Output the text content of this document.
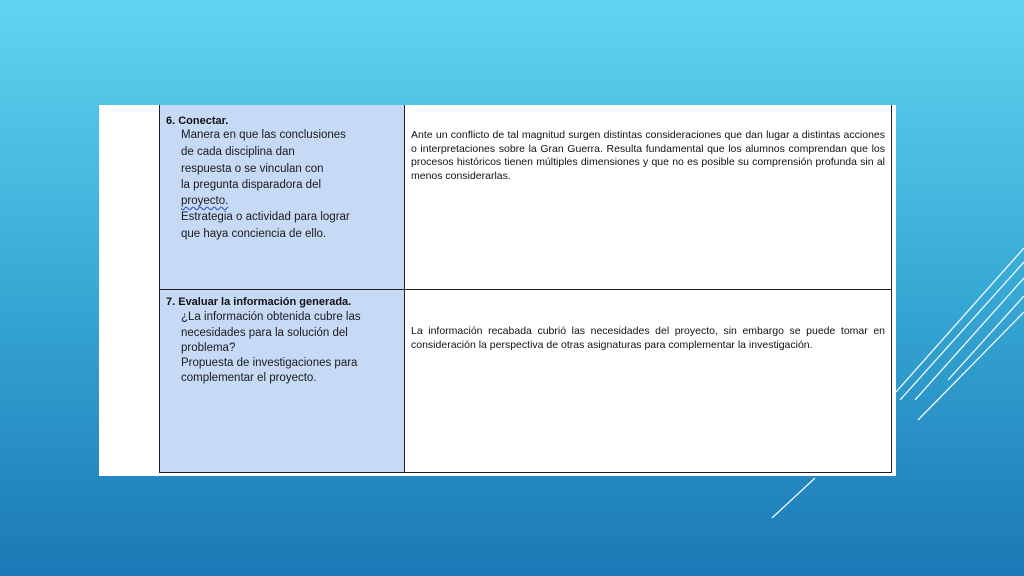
6. Conectar.
Manera en que las conclusiones
de cada disciplina dan
respuesta o se vinculan con
la pregunta disparadora del
proyecto.
Estrategia o actividad para lograr
que haya conciencia de ello.
Ante un conflicto de tal magnitud surgen distintas consideraciones que dan lugar a distintas acciones o interpretaciones sobre la Gran Guerra. Resulta fundamental que los alumnos comprendan que los procesos históricos tienen múltiples dimensiones y que no es posible su comprensión profunda sin al menos considerarlas.
7. Evaluar la información generada.
¿La información obtenida cubre las
necesidades para la solución del
problema?
Propuesta de investigaciones para
complementar el proyecto.
La información recabada cubrió las necesidades del proyecto, sin embargo se puede tomar en consideración la perspectiva de otras asignaturas para complementar la investigación.
